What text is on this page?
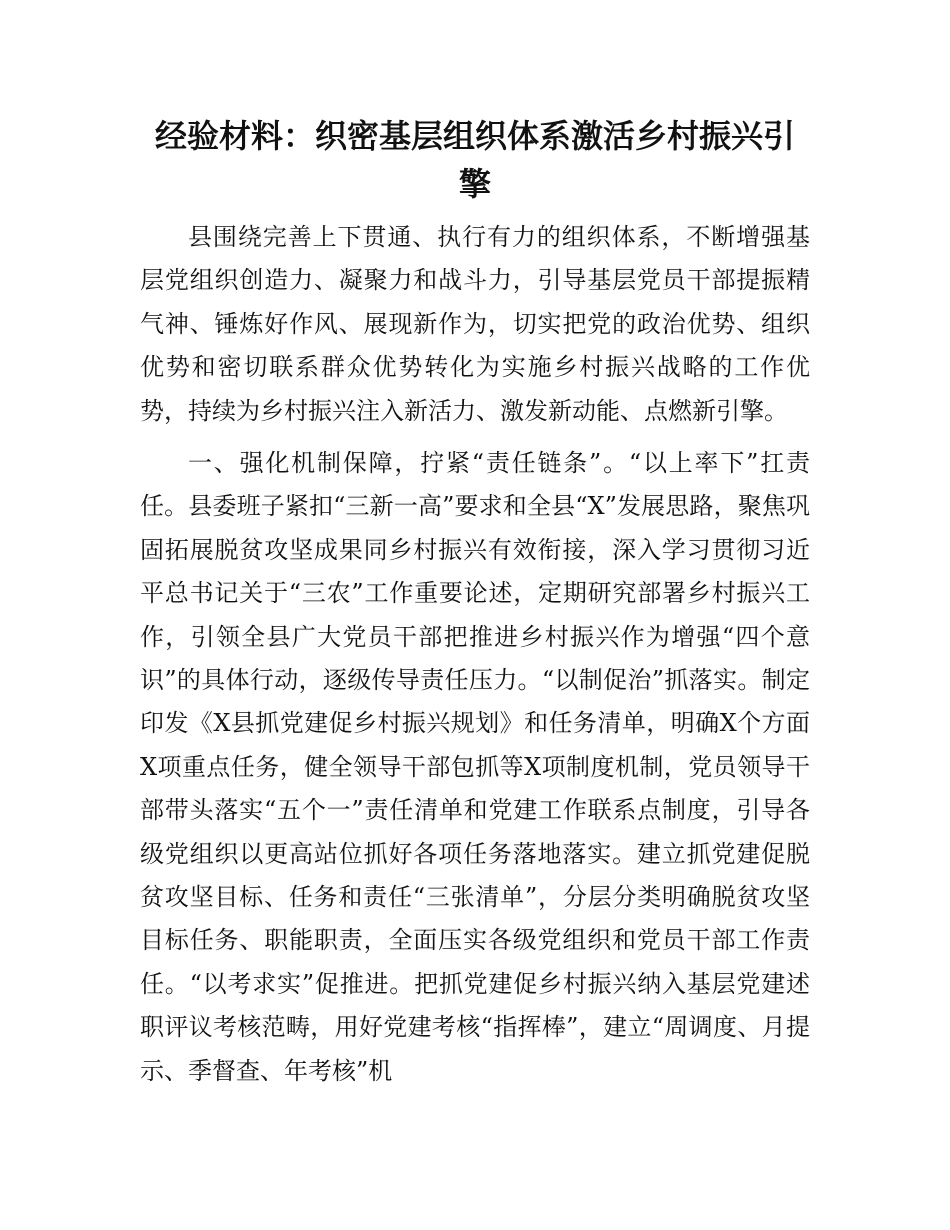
经验材料：织密基层组织体系激活乡村振兴引擎

县围绕完善上下贯通、执行有力的组织体系，不断增强基层党组织创造力、凝聚力和战斗力，引导基层党员干部提振精气神、锤炼好作风、展现新作为，切实把党的政治优势、组织优势和密切联系群众优势转化为实施乡村振兴战略的工作优势，持续为乡村振兴注入新活力、激发新动能、点燃新引擎。

一、强化机制保障，拧紧“责任链条”。“以上率下”扛责任。县委班子紧扣“三新一高”要求和全县“X”发展思路，聚焦巩固拓展脱贫攻坚成果同乡村振兴有效衔接，深入学习贯彻习近平总书记关于“三农”工作重要论述，定期研究部署乡村振兴工作，引领全县广大党员干部把推进乡村振兴作为增强“四个意识”的具体行动，逐级传导责任压力。“以制促治”抓落实。制定印发《X县抓党建促乡村振兴规划》和任务清单，明确X个方面X项重点任务，健全领导干部包抓等X项制度机制，党员领导干部带头落实“五个一”责任清单和党建工作联系点制度，引导各级党组织以更高站位抓好各项任务落地落实。建立抓党建促脱贫攻坚目标、任务和责任“三张清单”，分层分类明确脱贫攻坚目标任务、职能职责，全面压实各级党组织和党员干部工作责任。“以考求实”促推进。把抓党建促乡村振兴纳入基层党建述职评议考核范畴，用好党建考核“指挥棒”，建立“周调度、月提示、季督查、年考核”机
